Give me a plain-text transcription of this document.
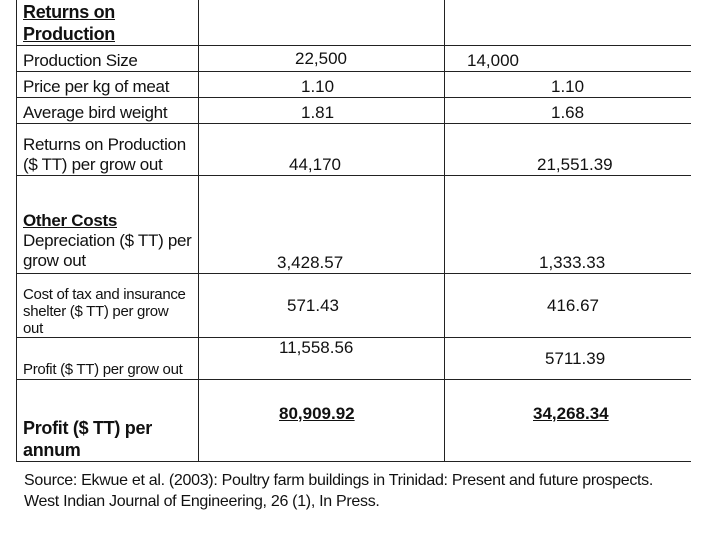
Returns on Production		
Production Size	22,500	14,000
Price per kg of meat	1.10	1.10
Average bird weight	1.81	1.68
Returns on Production ($ TT) per grow out	44,170	21,551.39
Other Costs
Depreciation ($ TT) per grow out	3,428.57	1,333.33
Cost of tax and insurance shelter ($ TT) per grow out	571.43	416.67
Profit ($ TT) per grow out	11,558.56	5711.39
Profit ($ TT) per annum	80,909.92	34,268.34
Source: Ekwue et al. (2003): Poultry farm buildings in Trinidad: Present and future prospects.
West Indian Journal of Engineering, 26 (1), In Press.
